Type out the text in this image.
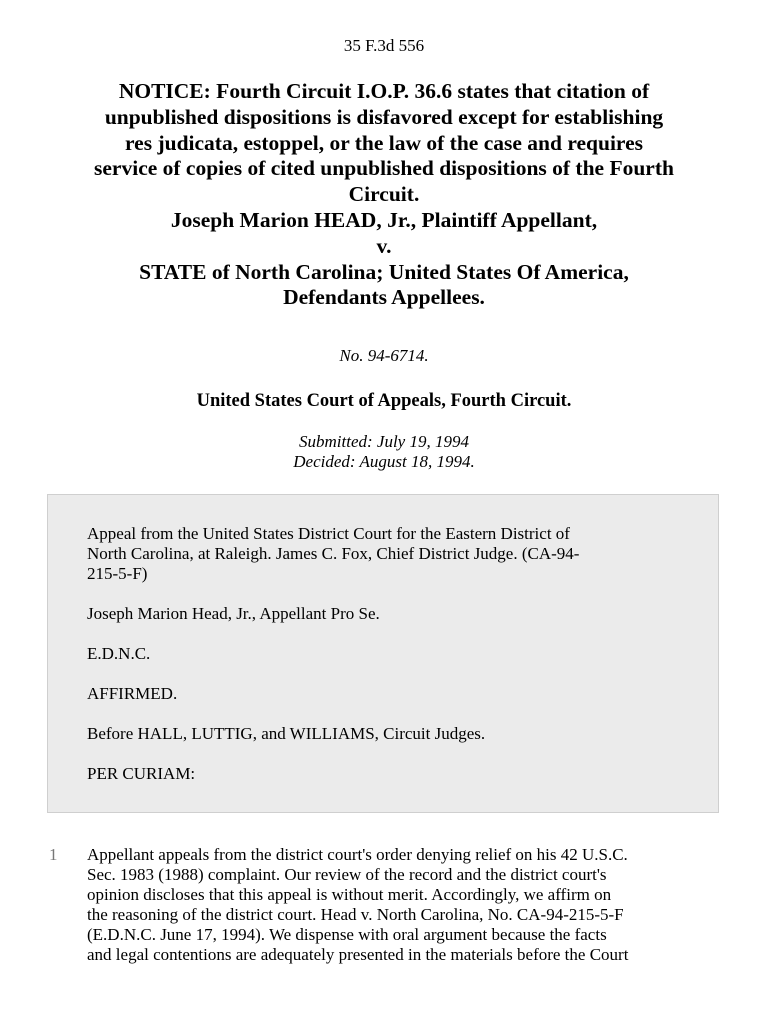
35 F.3d 556
NOTICE: Fourth Circuit I.O.P. 36.6 states that citation of
unpublished dispositions is disfavored except for establishing
res judicata, estoppel, or the law of the case and requires
service of copies of cited unpublished dispositions of the Fourth
Circuit.
Joseph Marion HEAD, Jr., Plaintiff Appellant,
v.
STATE of North Carolina; United States Of America,
Defendants Appellees.
No. 94-6714.
United States Court of Appeals, Fourth Circuit.
Submitted: July 19, 1994
Decided: August 18, 1994.

Appeal from the United States District Court for the Eastern District of
North Carolina, at Raleigh. James C. Fox, Chief District Judge. (CA-94-
215-5-F)

Joseph Marion Head, Jr., Appellant Pro Se.

E.D.N.C.

AFFIRMED.

Before HALL, LUTTIG, and WILLIAMS, Circuit Judges.

PER CURIAM:

1 Appellant appeals from the district court's order denying relief on his 42 U.S.C.
Sec. 1983 (1988) complaint. Our review of the record and the district court's
opinion discloses that this appeal is without merit. Accordingly, we affirm on
the reasoning of the district court. Head v. North Carolina, No. CA-94-215-5-F
(E.D.N.C. June 17, 1994). We dispense with oral argument because the facts
and legal contentions are adequately presented in the materials before the Court
